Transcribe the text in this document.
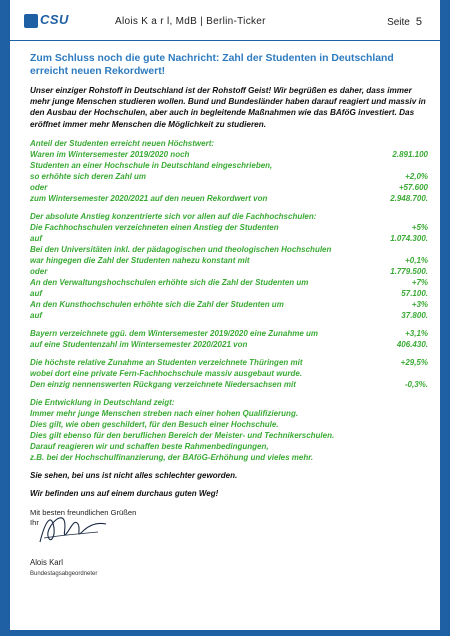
CSU	Alois K a r l, MdB | Berlin-Ticker	Seite 5
Zum Schluss noch die gute Nachricht: Zahl der Studenten in Deutschland erreicht neuen Rekordwert!
Unser einziger Rohstoff in Deutschland ist der Rohstoff Geist! Wir begrüßen es daher, dass immer mehr junge Menschen studieren wollen. Bund und Bundesländer haben darauf reagiert und massiv in den Ausbau der Hochschulen, aber auch in begleitende Maßnahmen wie das BAföG investiert. Das eröffnet immer mehr Menschen die Möglichkeit zu studieren.
Anteil der Studenten erreicht neuen Höchstwert:
Waren im Wintersemester 2019/2020 noch	2.891.100
Studenten an einer Hochschule in Deutschland eingeschrieben,
so erhöhte sich deren Zahl um	+2,0%
oder	+57.600
zum Wintersemester 2020/2021 auf den neuen Rekordwert von	2.948.700.
Der absolute Anstieg konzentrierte sich vor allen auf die Fachhochschulen:
Die Fachhochschulen verzeichneten einen Anstieg der Studenten	+5%
auf	1.074.300.
Bei den Universitäten inkl. der pädagogischen und theologischen Hochschulen
war hingegen die Zahl der Studenten nahezu konstant mit	+0,1%
oder	1.779.500.
An den Verwaltungshochschulen erhöhte sich die Zahl der Studenten um	+7%
auf	57.100.
An den Kunsthochschulen erhöhte sich die Zahl der Studenten um	+3%
auf	37.800.
Bayern verzeichnete ggü. dem Wintersemester 2019/2020 eine Zunahme um	+3,1%
auf eine Studentenzahl im Wintersemester 2020/2021 von	406.430.
Die höchste relative Zunahme an Studenten verzeichnete Thüringen mit	+29,5%
wobei dort eine private Fern-Fachhochschule massiv ausgebaut wurde.
Den einzig nennenswerten Rückgang verzeichnete Niedersachsen mit	-0,3%.
Die Entwicklung in Deutschland zeigt:
Immer mehr junge Menschen streben nach einer hohen Qualifizierung.
Dies gilt, wie oben geschildert, für den Besuch einer Hochschule.
Dies gilt ebenso für den beruflichen Bereich der Meister- und Technikerschulen.
Darauf reagieren wir und schaffen beste Rahmenbedingungen,
z.B. bei der Hochschulfinanzierung, der BAföG-Erhöhung und vieles mehr.
Sie sehen, bei uns ist nicht alles schlechter geworden.
Wir befinden uns auf einem durchaus guten Weg!
Mit besten freundlichen Grüßen
Ihr
Alois Karl
Bundestagsabgeordneter
